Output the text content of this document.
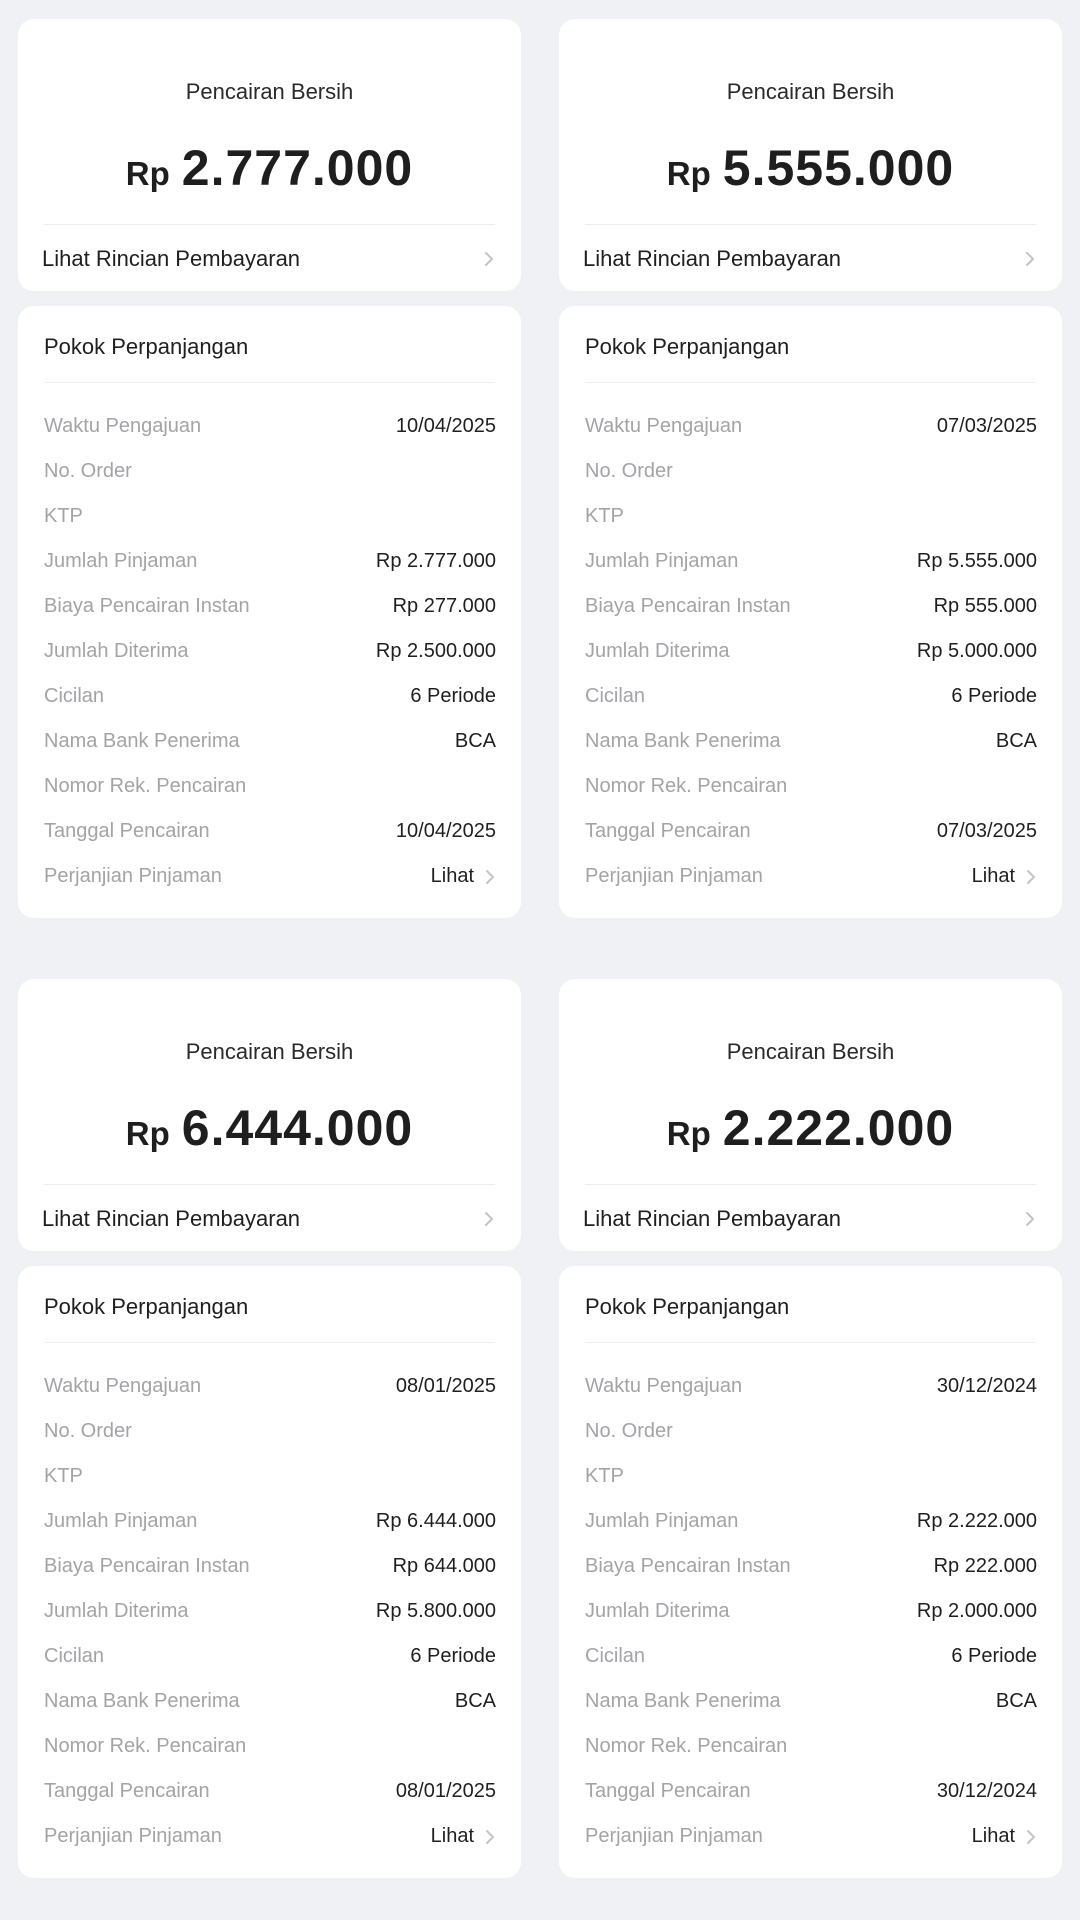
Pencairan Bersih
Rp 2.777.000
Lihat Rincian Pembayaran
Pokok Perpanjangan
Waktu Pengajuan	10/04/2025
No. Order
KTP
Jumlah Pinjaman	Rp 2.777.000
Biaya Pencairan Instan	Rp 277.000
Jumlah Diterima	Rp 2.500.000
Cicilan	6 Periode
Nama Bank Penerima	BCA
Nomor Rek. Pencairan
Tanggal Pencairan	10/04/2025
Perjanjian Pinjaman	Lihat
Pencairan Bersih
Rp 5.555.000
Lihat Rincian Pembayaran
Pokok Perpanjangan
Waktu Pengajuan	07/03/2025
No. Order
KTP
Jumlah Pinjaman	Rp 5.555.000
Biaya Pencairan Instan	Rp 555.000
Jumlah Diterima	Rp 5.000.000
Cicilan	6 Periode
Nama Bank Penerima	BCA
Nomor Rek. Pencairan
Tanggal Pencairan	07/03/2025
Perjanjian Pinjaman	Lihat
Pencairan Bersih
Rp 6.444.000
Lihat Rincian Pembayaran
Pokok Perpanjangan
Waktu Pengajuan	08/01/2025
No. Order
KTP
Jumlah Pinjaman	Rp 6.444.000
Biaya Pencairan Instan	Rp 644.000
Jumlah Diterima	Rp 5.800.000
Cicilan	6 Periode
Nama Bank Penerima	BCA
Nomor Rek. Pencairan
Tanggal Pencairan	08/01/2025
Perjanjian Pinjaman	Lihat
Pencairan Bersih
Rp 2.222.000
Lihat Rincian Pembayaran
Pokok Perpanjangan
Waktu Pengajuan	30/12/2024
No. Order
KTP
Jumlah Pinjaman	Rp 2.222.000
Biaya Pencairan Instan	Rp 222.000
Jumlah Diterima	Rp 2.000.000
Cicilan	6 Periode
Nama Bank Penerima	BCA
Nomor Rek. Pencairan
Tanggal Pencairan	30/12/2024
Perjanjian Pinjaman	Lihat
